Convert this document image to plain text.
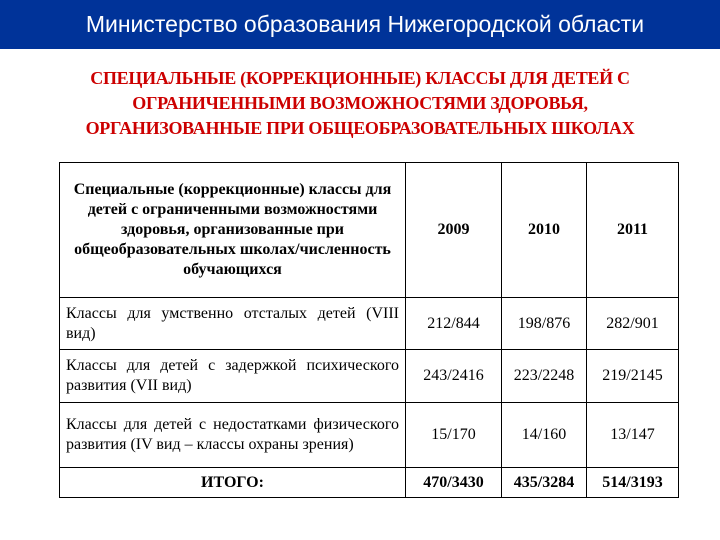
Министерство образования Нижегородской области
СПЕЦИАЛЬНЫЕ (КОРРЕКЦИОННЫЕ) КЛАССЫ ДЛЯ ДЕТЕЙ С
ОГРАНИЧЕННЫМИ ВОЗМОЖНОСТЯМИ ЗДОРОВЬЯ,
ОРГАНИЗОВАННЫЕ ПРИ ОБЩЕОБРАЗОВАТЕЛЬНЫХ ШКОЛАХ
Специальные (коррекционные) классы для детей с ограниченными возможностями здоровья, организованные при общеобразовательных школах/численность обучающихся	2009	2010	2011
Классы для умственно отсталых детей (VIII вид)	212/844	198/876	282/901
Классы для детей с задержкой психического развития (VII вид)	243/2416	223/2248	219/2145
Классы для детей с недостатками физического развития (IV вид – классы охраны зрения)	15/170	14/160	13/147
ИТОГО:	470/3430	435/3284	514/3193
